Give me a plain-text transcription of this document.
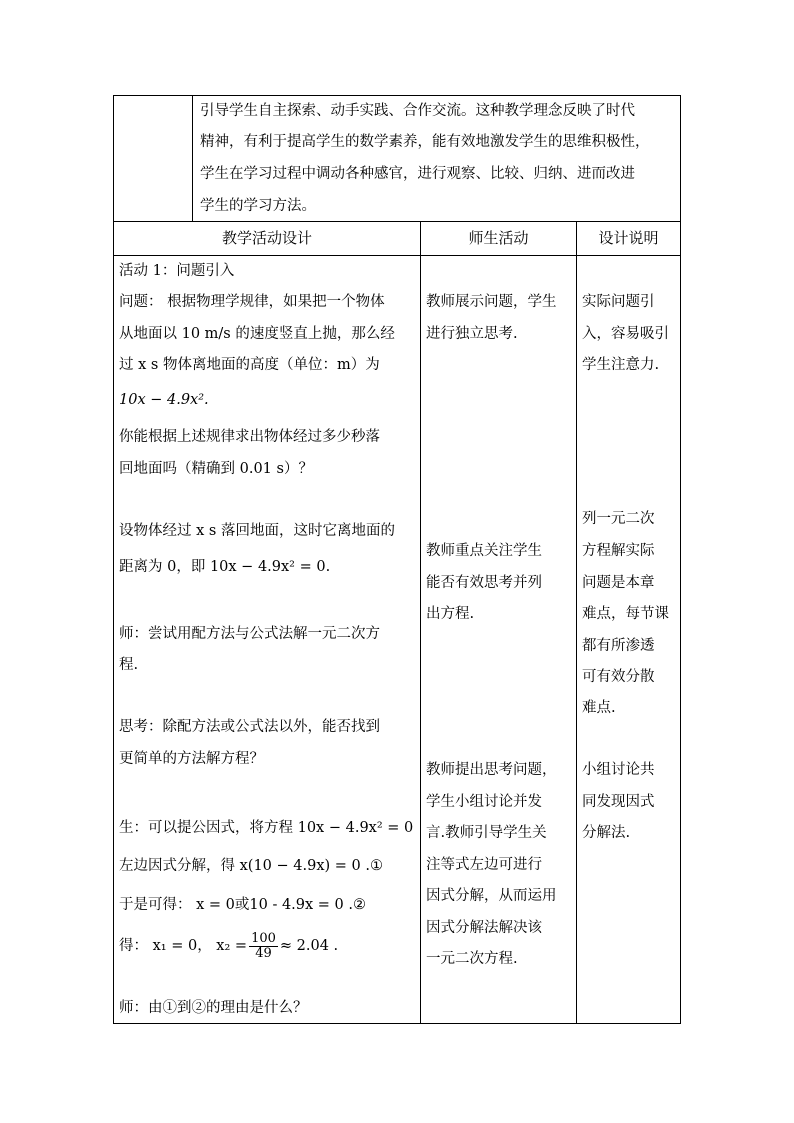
引导学生自主探索、动手实践、合作交流。这种教学理念反映了时代
精神，有利于提高学生的数学素养，能有效地激发学生的思维积极性，
学生在学习过程中调动各种感官，进行观察、比较、归纳、进而改进
学生的学习方法。
教学活动设计	师生活动	设计说明
活动 1：问题引入
问题： 根据物理学规律，如果把一个物体
从地面以 10 m/s 的速度竖直上抛，那么经
过 x s 物体离地面的高度（单位：m）为
10x − 4.9x².
你能根据上述规律求出物体经过多少秒落
回地面吗（精确到 0.01 s）？
设物体经过 x s 落回地面，这时它离地面的
距离为 0，即 10x − 4.9x² = 0.
师：尝试用配方法与公式法解一元二次方
程.
思考：除配方法或公式法以外，能否找到
更简单的方法解方程？
生：可以提公因式，将方程 10x − 4.9x² = 0
左边因式分解，得 x(10 − 4.9x) = 0 .①
于是可得： x = 0或10 - 4.9x = 0 .②
得： x₁ = 0， $x_2 = \frac{100}{49} \approx 2.04$ .
师：由①到②的理由是什么？
教师展示问题，学生
进行独立思考.
教师重点关注学生
能否有效思考并列
出方程.
教师提出思考问题，
学生小组讨论并发
言.教师引导学生关
注等式左边可进行
因式分解，从而运用
因式分解法解决该
一元二次方程.
实际问题引
入，容易吸引
学生注意力.
列一元二次
方程解实际
问题是本章
难点，每节课
都有所渗透
可有效分散
难点.
小组讨论共
同发现因式
分解法.
